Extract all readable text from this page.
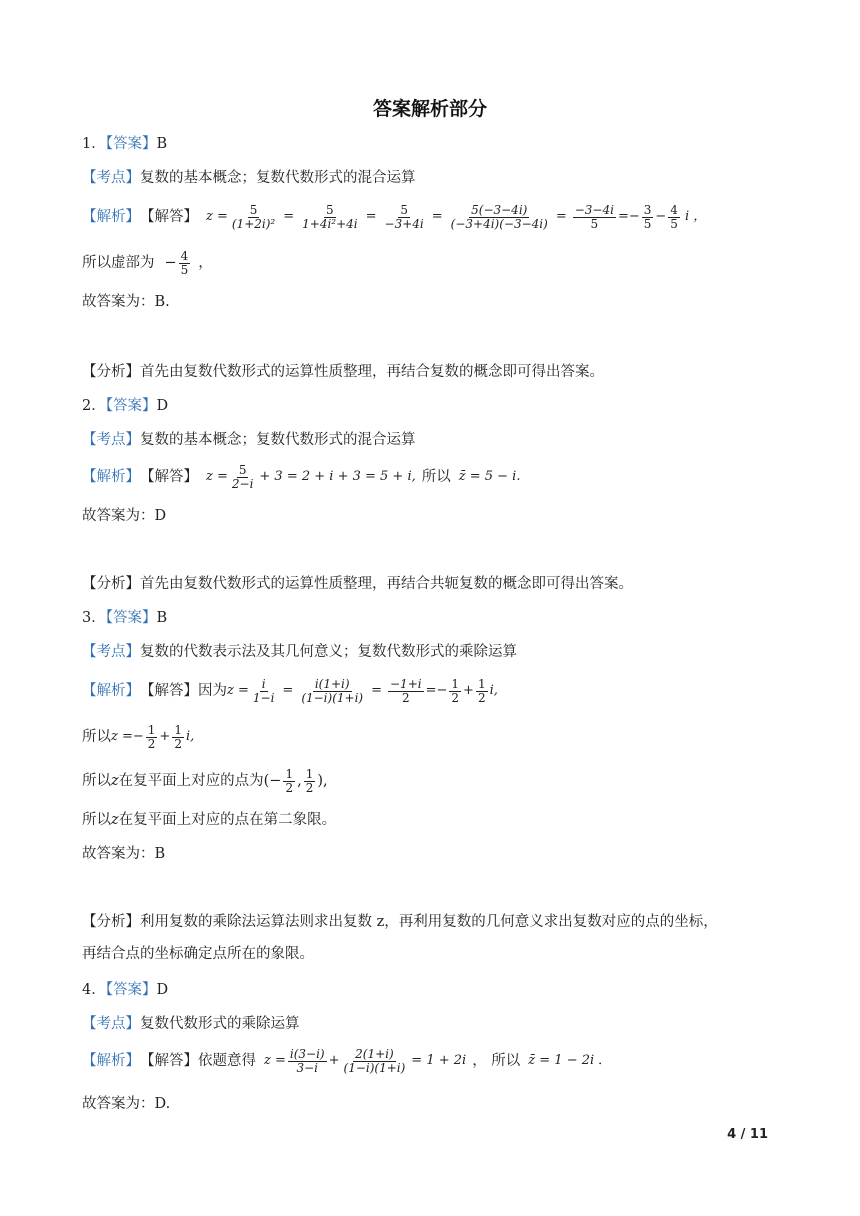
答案解析部分
1．【答案】B
【考点】复数的基本概念；复数代数形式的混合运算
【解析】 【解答】 $z = \frac{5}{\text{(1+2i)²}} = \frac{5}{\text{1+4i²+4i}} = \frac{5}{-3+4i} = \frac{5(-3-4i)}{(-3+4i)(-3-4i)} = \frac{-3-4i}{5} =- \frac{3}{5} - \frac{4}{5}$ i ，
所以虚部为 − $\frac{4}{5}$ ，
故答案为：B.
【分析】首先由复数代数形式的运算性质整理，再结合复数的概念即可得出答案。
2．【答案】D
【考点】复数的基本概念；复数代数形式的混合运算
【解析】 【解答】 $z = \frac{5}{2-i} + 3 = 2 + i + 3 = 5 + i$, 所以 z̄ = 5 − i.
故答案为：D
【分析】首先由复数代数形式的运算性质整理，再结合共轭复数的概念即可得出答案。
3．【答案】B
【考点】复数的代数表示法及其几何意义；复数代数形式的乘除运算
【解析】 【解答】 因为 $z = \frac{i}{1-i} = \frac{i(1+i)}{(1-i)(1+i)} = \frac{-1+i}{2} =- \frac{1}{2} + \frac{1}{2} i$,
所以 $z =- \frac{1}{2} + \frac{1}{2} i$,
所以 z 在复平面上对应的点为 (− $\frac{1}{2}$ , $\frac{1}{2}$ ),
所以z在复平面上对应的点在第二象限。
故答案为：B
【分析】利用复数的乘除法运算法则求出复数 z，再利用复数的几何意义求出复数对应的点的坐标，
再结合点的坐标确定点所在的象限。
4．【答案】D
【考点】复数代数形式的乘除运算
【解析】 【解答】 依题意得 $z = \frac{i(3-i)}{3-i} + \frac{2(1+i)}{(1-i)(1+i)} = 1 + 2i$ ， 所以 z̄ = 1 − 2i ．
故答案为：D.
4 / 11
